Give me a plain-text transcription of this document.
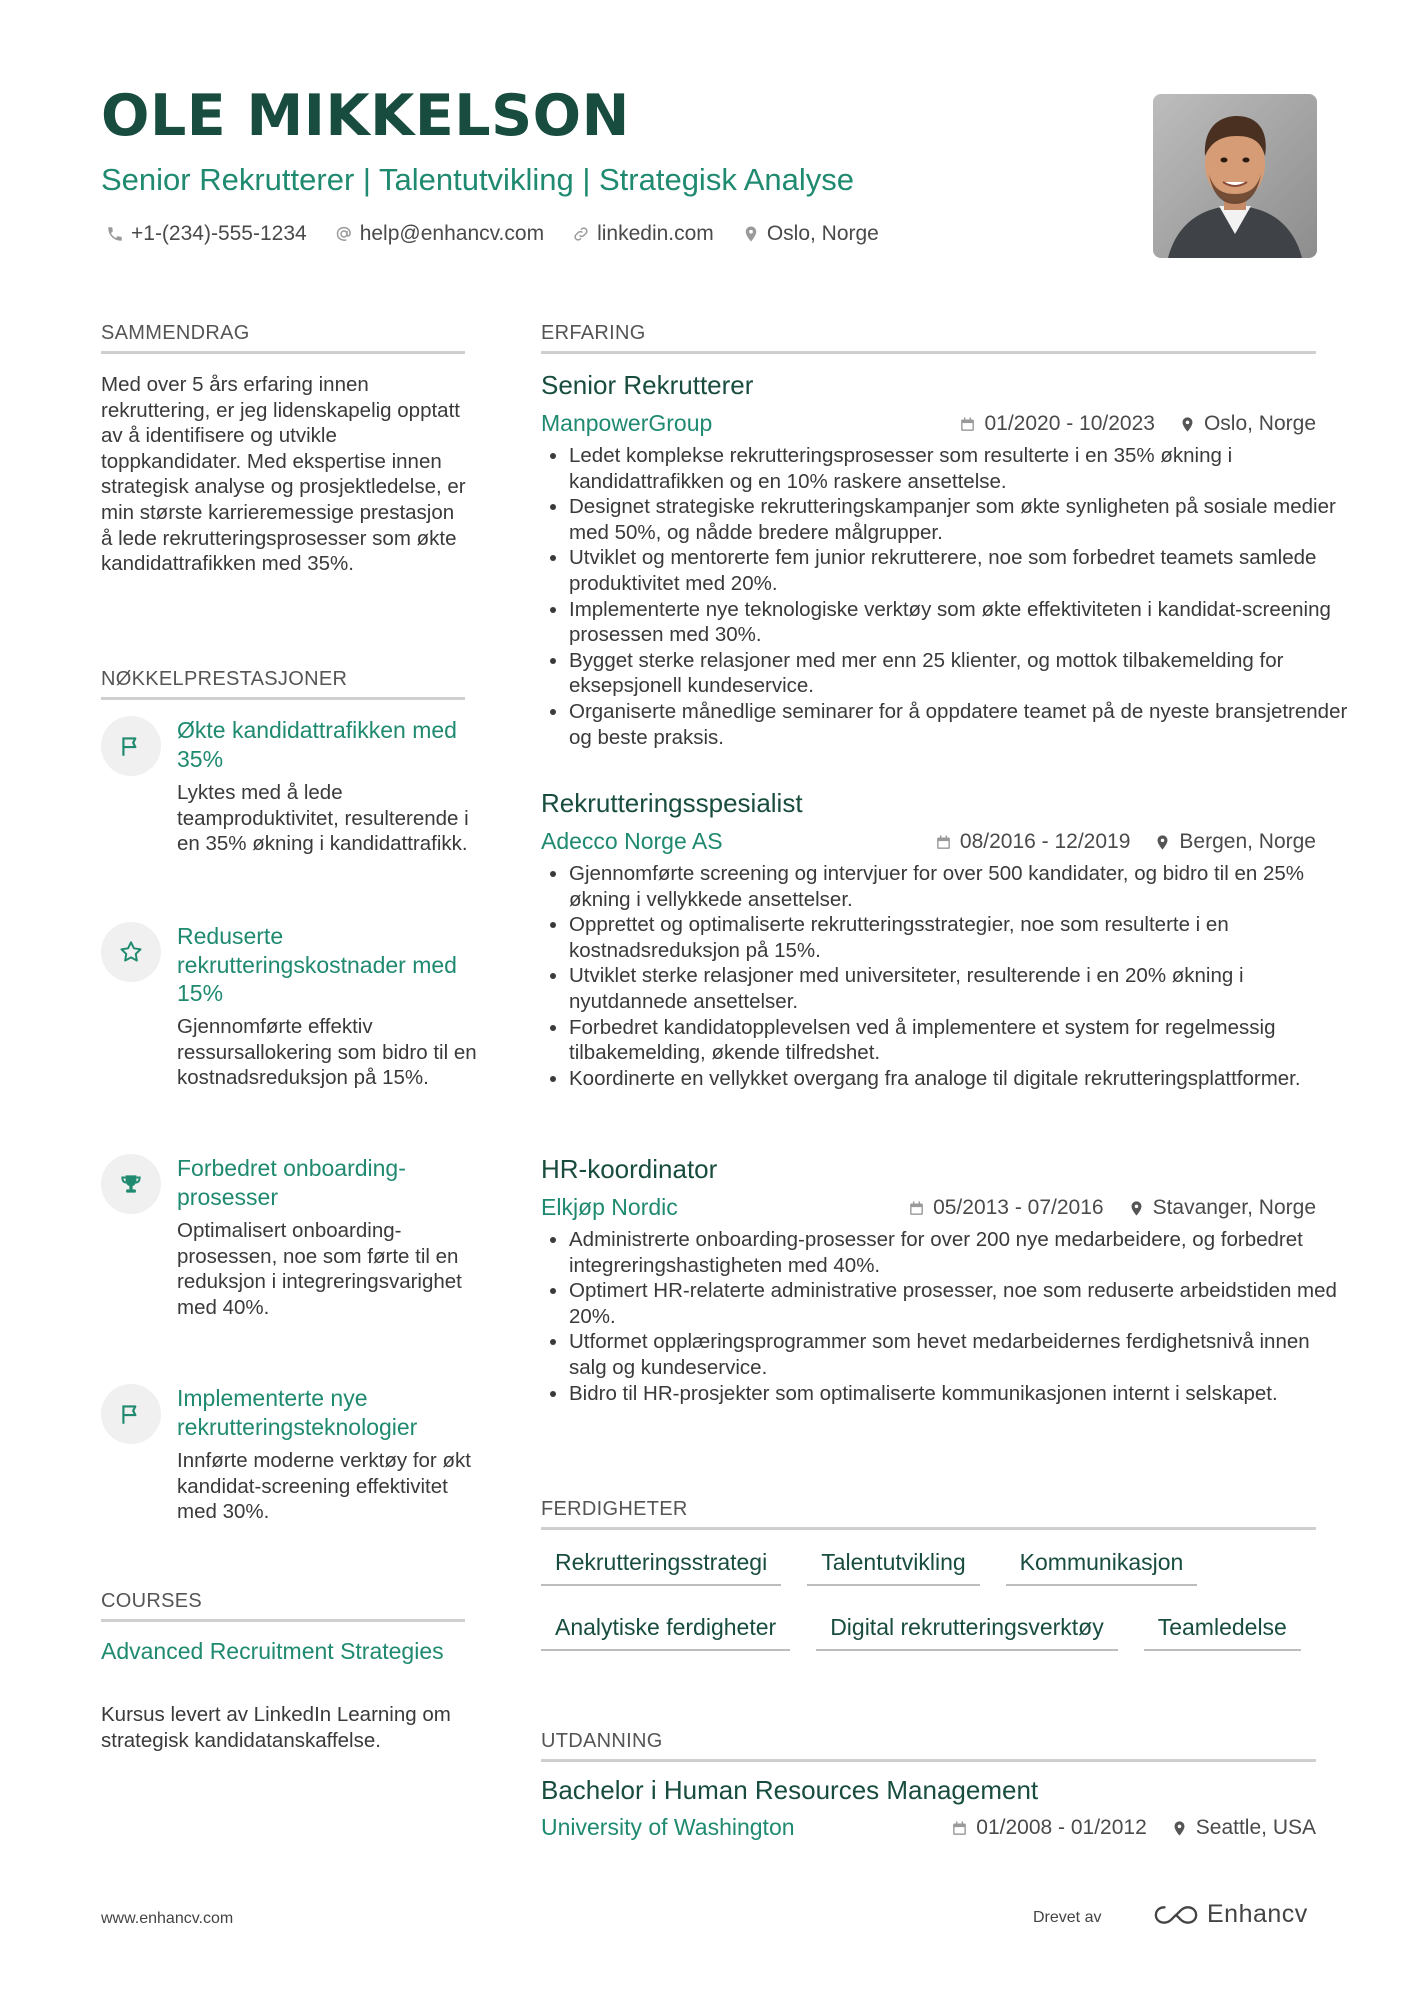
OLE MIKKELSON
Senior Rekrutterer | Talentutvikling | Strategisk Analyse
+1-(234)-555-1234	help@enhancv.com	linkedin.com	Oslo, Norge
SAMMENDRAG
Med over 5 års erfaring innen rekruttering, er jeg lidenskapelig opptatt av å identifisere og utvikle toppkandidater. Med ekspertise innen strategisk analyse og prosjektledelse, er min største karrieremessige prestasjon å lede rekrutteringsprosesser som økte kandidattrafikken med 35%.
NØKKELPRESTASJONER
Økte kandidattrafikken med 35%
Lyktes med å lede teamproduktivitet, resulterende i en 35% økning i kandidattrafikk.
Reduserte rekrutteringskostnader med 15%
Gjennomførte effektiv ressursallokering som bidro til en kostnadsreduksjon på 15%.
Forbedret onboarding-prosesser
Optimalisert onboarding-prosessen, noe som førte til en reduksjon i integreringsvarighet med 40%.
Implementerte nye rekrutteringsteknologier
Innførte moderne verktøy for økt kandidat-screening effektivitet med 30%.
COURSES
Advanced Recruitment Strategies
Kursus levert av LinkedIn Learning om strategisk kandidatanskaffelse.
ERFARING
Senior Rekrutterer
ManpowerGroup	01/2020 - 10/2023 Oslo, Norge
• Ledet komplekse rekrutteringsprosesser som resulterte i en 35% økning i kandidattrafikken og en 10% raskere ansettelse.
• Designet strategiske rekrutteringskampanjer som økte synligheten på sosiale medier med 50%, og nådde bredere målgrupper.
• Utviklet og mentorerte fem junior rekrutterere, noe som forbedret teamets samlede produktivitet med 20%.
• Implementerte nye teknologiske verktøy som økte effektiviteten i kandidat-screening prosessen med 30%.
• Bygget sterke relasjoner med mer enn 25 klienter, og mottok tilbakemelding for eksepsjonell kundeservice.
• Organiserte månedlige seminarer for å oppdatere teamet på de nyeste bransjetrender og beste praksis.
Rekrutteringsspesialist
Adecco Norge AS	08/2016 - 12/2019 Bergen, Norge
• Gjennomførte screening og intervjuer for over 500 kandidater, og bidro til en 25% økning i vellykkede ansettelser.
• Opprettet og optimaliserte rekrutteringsstrategier, noe som resulterte i en kostnadsreduksjon på 15%.
• Utviklet sterke relasjoner med universiteter, resulterende i en 20% økning i nyutdannede ansettelser.
• Forbedret kandidatopplevelsen ved å implementere et system for regelmessig tilbakemelding, økende tilfredshet.
• Koordinerte en vellykket overgang fra analoge til digitale rekrutteringsplattformer.
HR-koordinator
Elkjøp Nordic	05/2013 - 07/2016 Stavanger, Norge
• Administrerte onboarding-prosesser for over 200 nye medarbeidere, og forbedret integreringshastigheten med 40%.
• Optimert HR-relaterte administrative prosesser, noe som reduserte arbeidstiden med 20%.
• Utformet opplæringsprogrammer som hevet medarbeidernes ferdighetsnivå innen salg og kundeservice.
• Bidro til HR-prosjekter som optimaliserte kommunikasjonen internt i selskapet.
FERDIGHETER
Rekrutteringsstrategi	Talentutvikling	Kommunikasjon
Analytiske ferdigheter	Digital rekrutteringsverktøy	Teamledelse
UTDANNING
Bachelor i Human Resources Management
University of Washington	01/2008 - 01/2012 Seattle, USA
www.enhancv.com	Drevet av	Enhancv
